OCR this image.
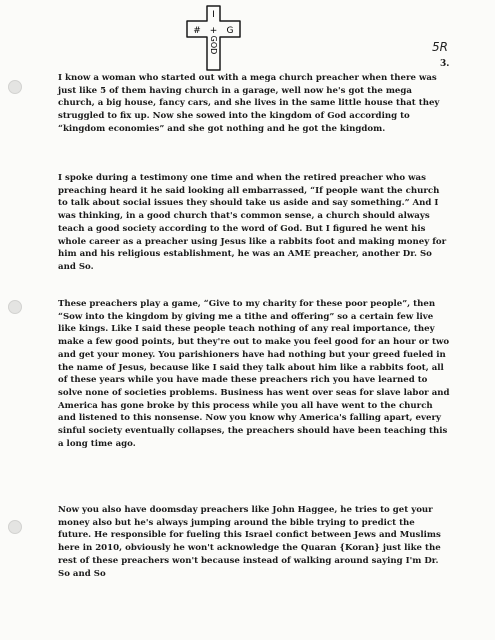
I
# + G
GOD	5R
3.

I know a woman who started out with a mega church preacher when there was just like 5 of them having church in a garage, well now he's got the mega church, a big house, fancy cars, and she lives in the same little house that they struggled to fix up. Now she sowed into the kingdom of God according to “kingdom economies” and she got nothing and he got the kingdom.

I spoke during a testimony one time and when the retired preacher who was preaching heard it he said looking all embarrassed, “If people want the church to talk about social issues they should take us aside and say something.” And I was thinking, in a good church that's common sense, a church should always teach a good society according to the word of God. But I figured he went his whole career as a preacher using Jesus like a rabbits foot and making money for him and his religious establishment, he was an AME preacher, another Dr. So and So.

These preachers play a game, “Give to my charity for these poor people”, then “Sow into the kingdom by giving me a tithe and offering” so a certain few live like kings. Like I said these people teach nothing of any real importance, they make a few good points, but they're out to make you feel good for an hour or two and get your money. You parishioners have had nothing but your greed fueled in the name of Jesus, because like I said they talk about him like a rabbits foot, all of these years while you have made these preachers rich you have learned to solve none of societies problems. Business has went over seas for slave labor and America has gone broke by this process while you all have went to the church and listened to this nonsense. Now you know why America's falling apart, every sinful society eventually collapses, the preachers should have been teaching this a long time ago.

Now you also have doomsday preachers like John Haggee, he tries to get your money also but he's always jumping around the bible trying to predict the future. He responsible for fueling this Israel confict between Jews and Muslims here in 2010, obviously he won't acknowledge the Quaran {Koran} just like the rest of these preachers won't because instead of walking around saying I'm Dr. So and So
